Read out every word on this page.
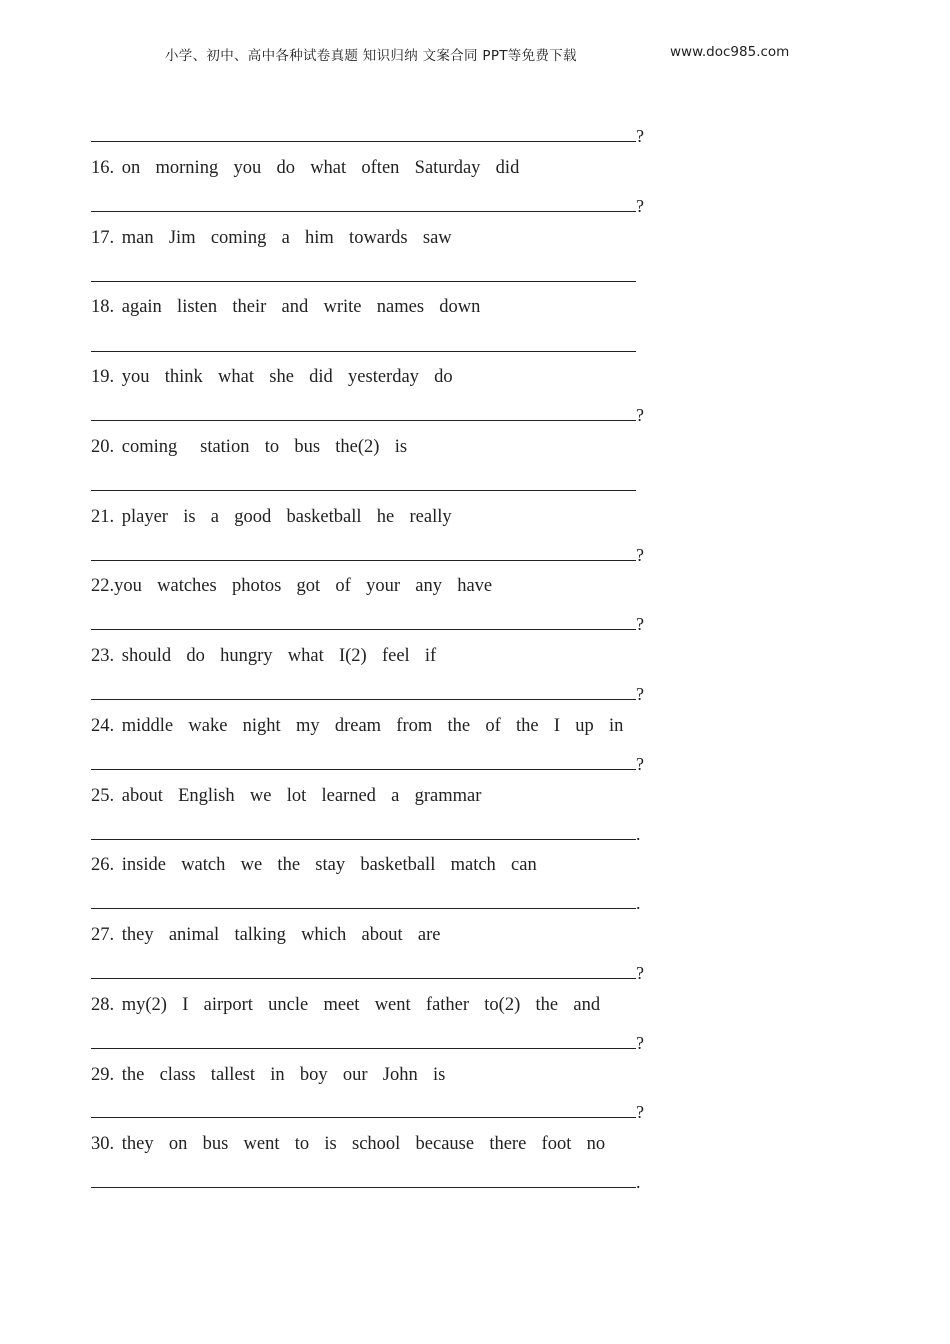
小学、初中、高中各种试卷真题 知识归纳 文案合同 PPT等免费下载	www.doc985.com
?
16. on  morning  you  do  what  often  Saturday  did
?
17. man  Jim  coming  a  him  towards  saw
18. again  listen  their  and  write  names  down
19. you  think  what  she  did  yesterday  do
?
20. coming   station  to  bus  the(2)  is
21. player  is  a  good  basketball  he  really
?
22.you  watches  photos  got  of  your  any  have
?
23. should  do  hungry  what  I(2)  feel  if
?
24. middle  wake  night  my  dream  from  the  of  the  I  up  in
?
25. about  English  we  lot  learned  a  grammar
.
26. inside  watch  we  the  stay  basketball  match  can
.
27. they  animal  talking  which  about  are
?
28. my(2)  I  airport  uncle  meet  went  father  to(2)  the  and
?
29. the  class  tallest  in  boy  our  John  is
?
30. they  on  bus  went  to  is  school  because  there  foot  no
.
